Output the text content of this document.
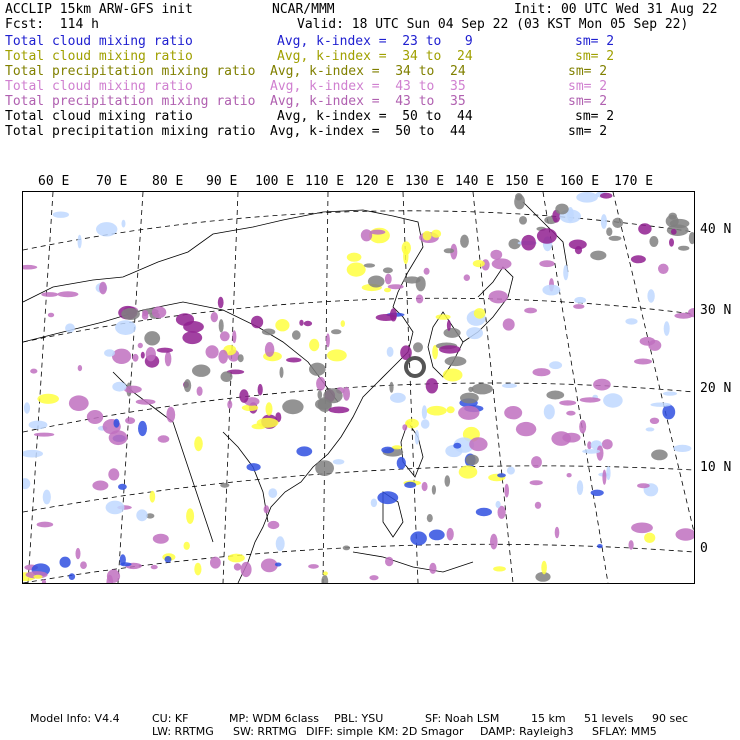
ACCLIP 15km ARW-GFS init	NCAR/MMM	Init: 00 UTC Wed 31 Aug 22
Fcst:  114 h	Valid: 18 UTC Sun 04 Sep 22 (03 KST Mon 05 Sep 22)
Total cloud mixing ratio	Avg, k-index =  23 to   9	sm= 2
Total cloud mixing ratio	Avg, k-index =  34 to  24	sm= 2
Total precipitation mixing ratio Avg, k-index =  34 to  24	sm= 2
Total cloud mixing ratio	Avg, k-index =  43 to  35	sm= 2
Total precipitation mixing ratio Avg, k-index =  43 to  35	sm= 2
Total cloud mixing ratio	Avg, k-index =  50 to  44	sm= 2
Total precipitation mixing ratio Avg, k-index =  50 to  44	sm= 2
60 E 70 E 80 E 90 E 100 E 110 E 120 E 130 E 140 E 150 E 160 E 170 E
40 N
30 N
20 N
10 N
0
Model Info: V4.4	CU: KF	MP: WDM 6class PBL: YSU	SF: Noah LSM	15 km 51 levels 90 sec
LW: RRTMG SW: RRTMG DIFF: simple KM: 2D Smagor DAMP: Rayleigh3 SFLAY: MM5
